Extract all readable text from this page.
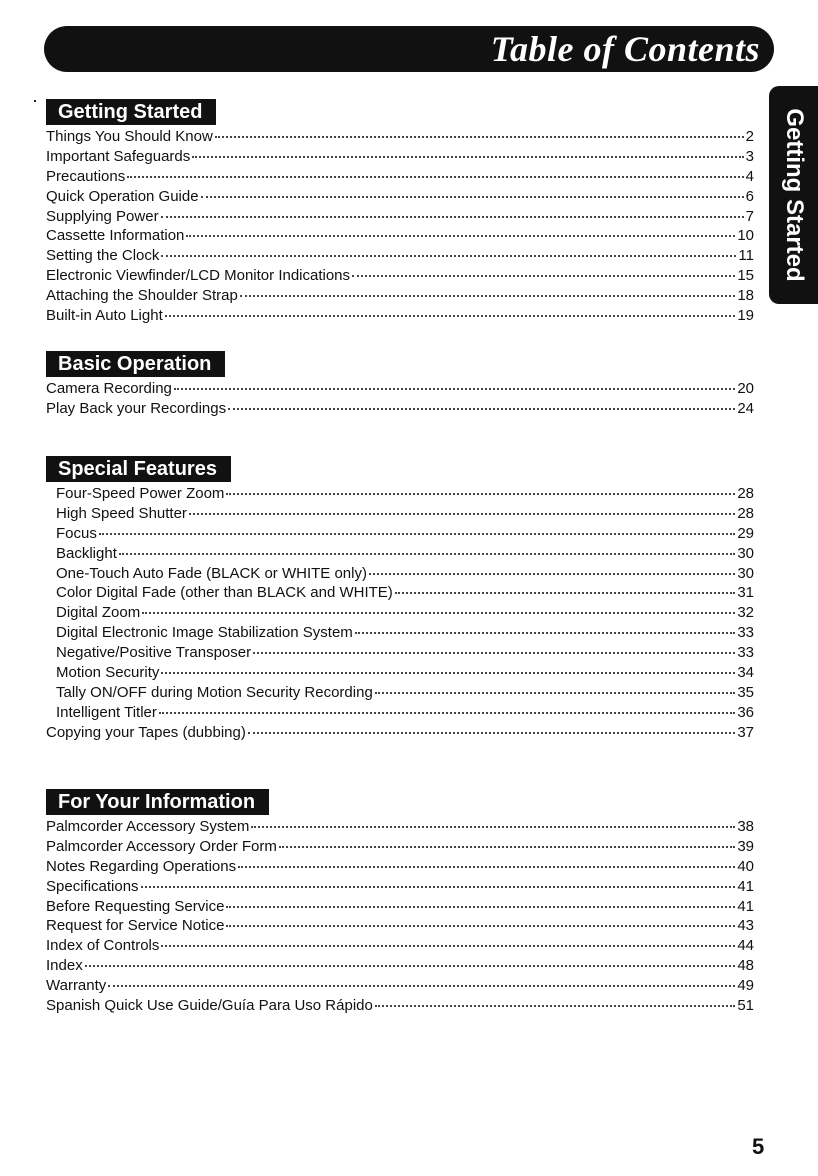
Table of Contents
Getting Started
Getting Started
Things You Should Know	2
Important Safeguards	3
Precautions	4
Quick Operation Guide	6
Supplying Power	7
Cassette Information	10
Setting the Clock	11
Electronic Viewfinder/LCD Monitor Indications	15
Attaching the Shoulder Strap	18
Built-in Auto Light	19
Basic Operation
Camera Recording	20
Play Back your Recordings	24
Special Features
Four-Speed Power Zoom	28
High Speed Shutter	28
Focus	29
Backlight	30
One-Touch Auto Fade (BLACK or WHITE only)	30
Color Digital Fade (other than BLACK and WHITE)	31
Digital Zoom	32
Digital Electronic Image Stabilization System	33
Negative/Positive Transposer	33
Motion Security	34
Tally ON/OFF during Motion Security Recording	35
Intelligent Titler	36
Copying your Tapes (dubbing)	37
For Your Information
Palmcorder Accessory System	38
Palmcorder Accessory Order Form	39
Notes Regarding Operations	40
Specifications	41
Before Requesting Service	41
Request for Service Notice	43
Index of Controls	44
Index	48
Warranty	49
Spanish Quick Use Guide/Guía Para Uso Rápido	51
5
